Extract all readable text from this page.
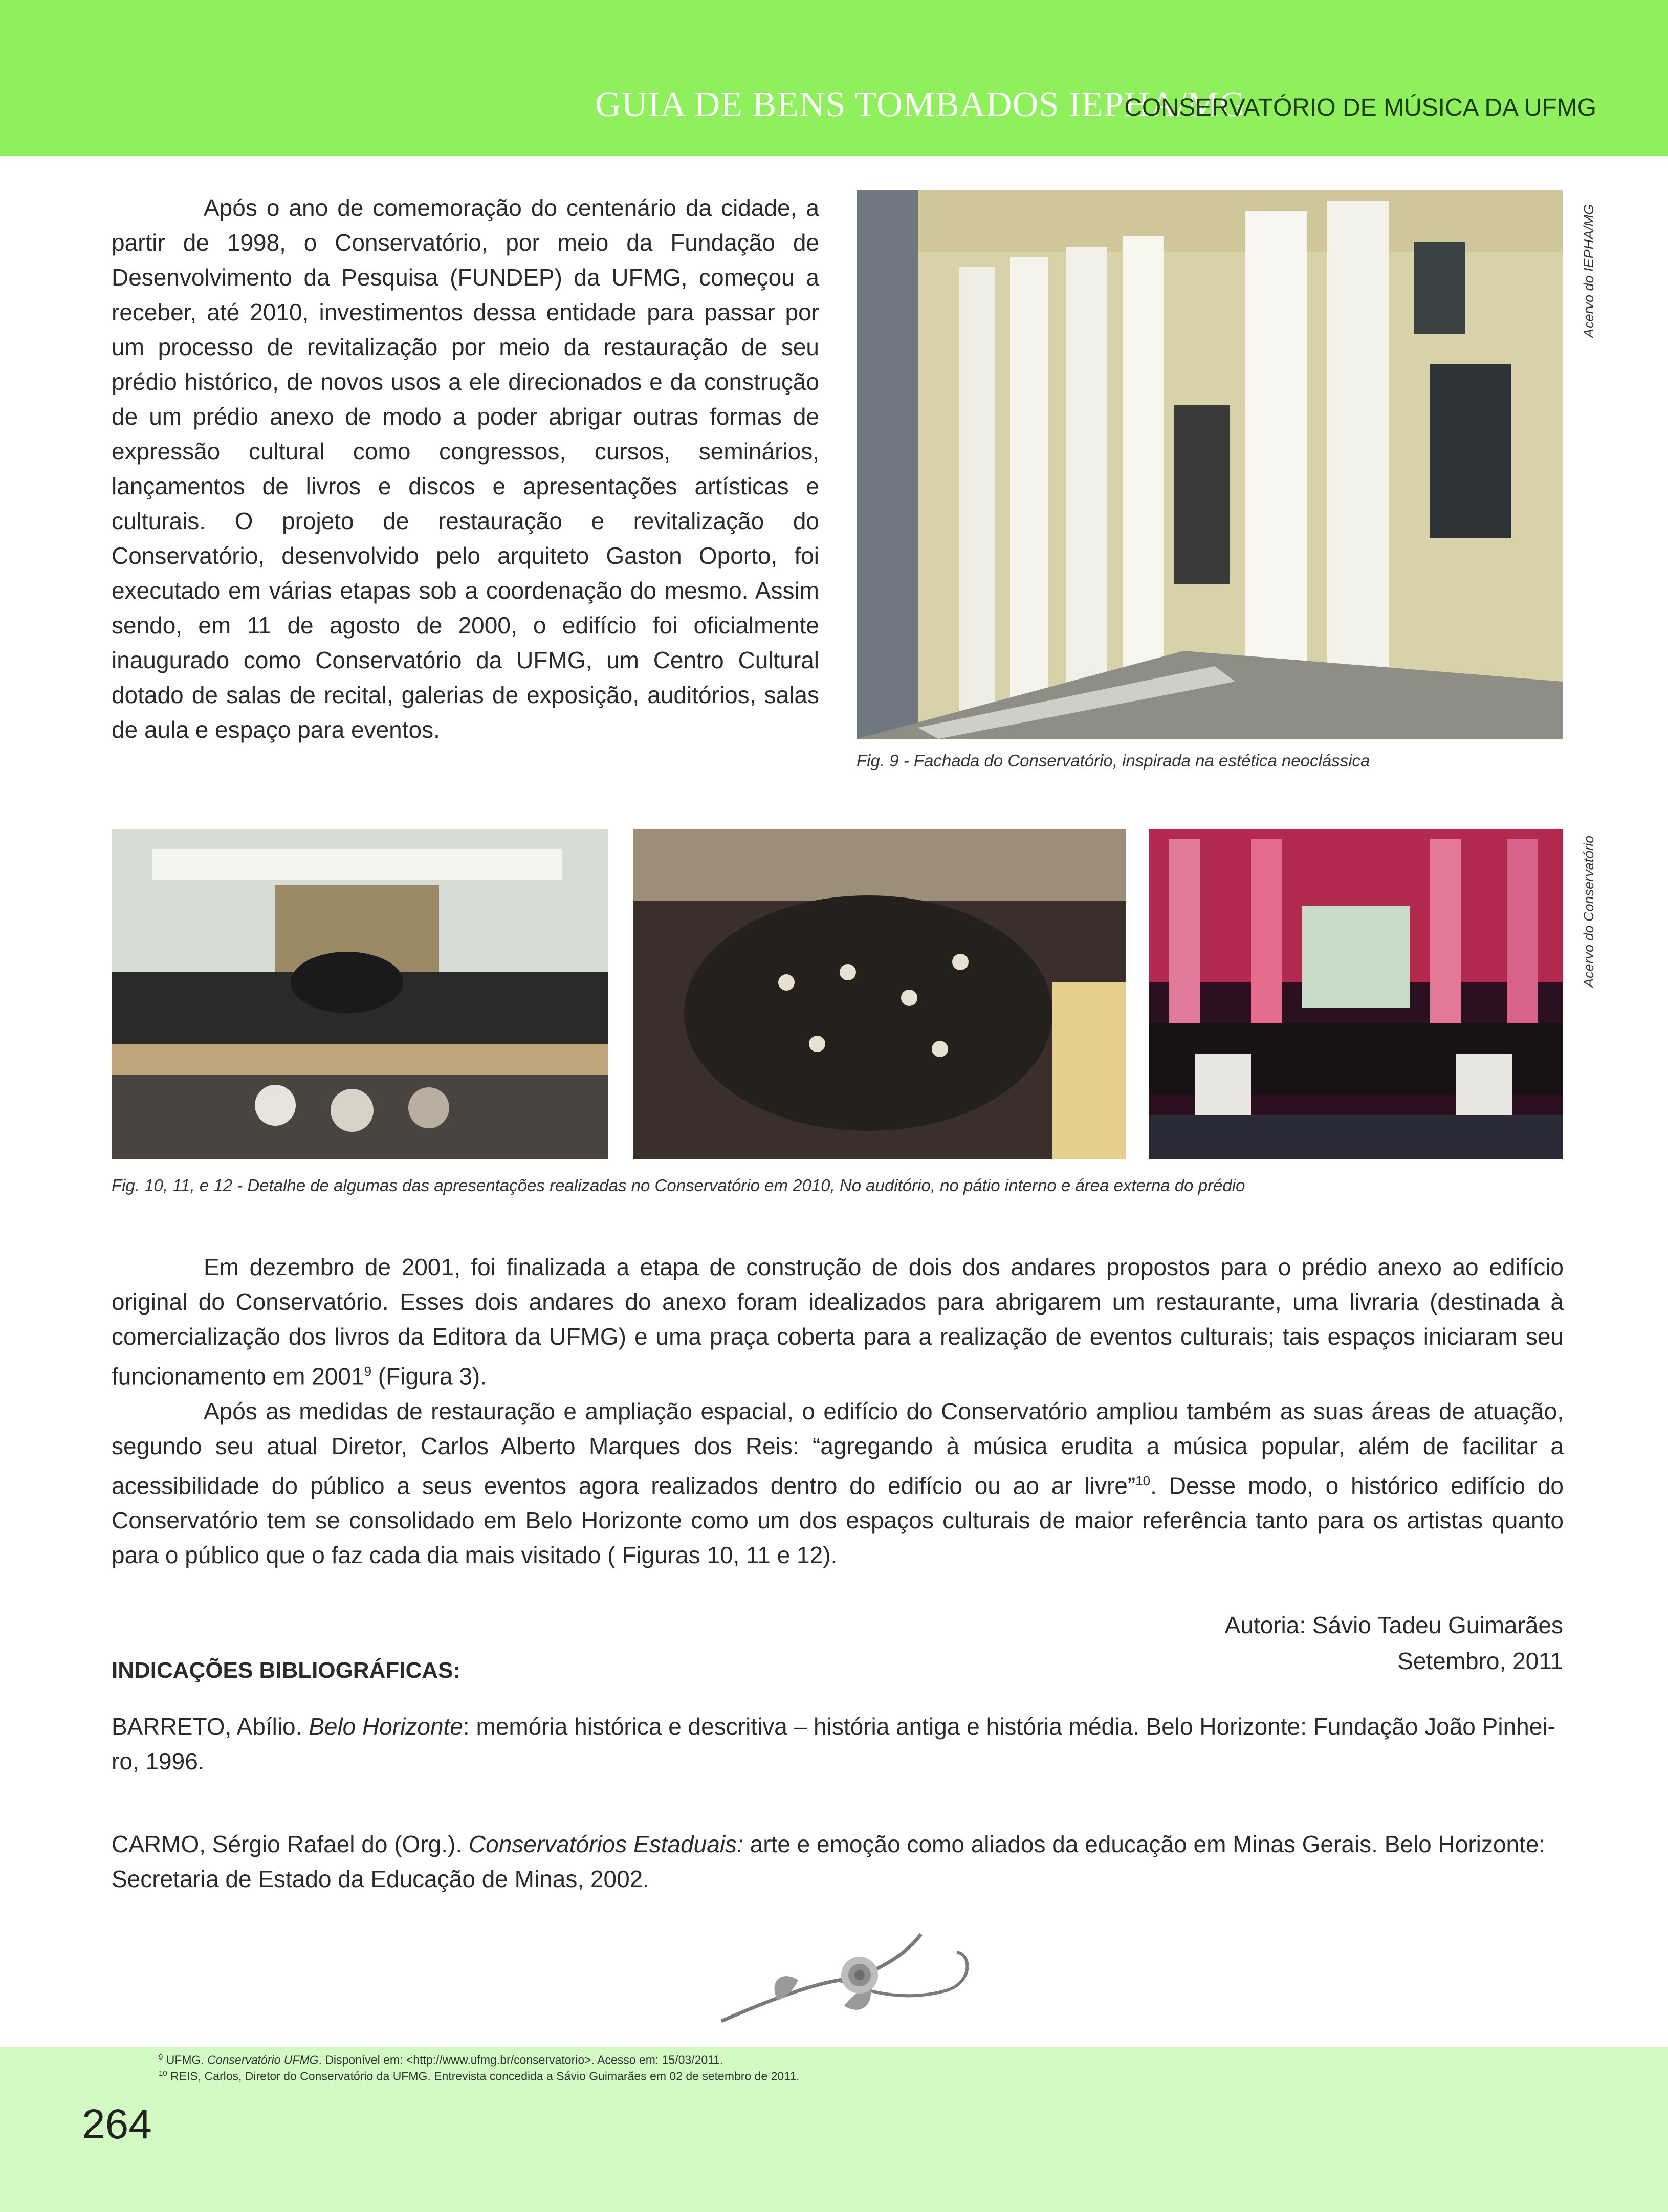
GUIA DE BENS TOMBADOS IEPHA/MG
CONSERVATÓRIO DE MÚSICA DA UFMG

Após o ano de comemoração do centenário da cidade, a partir de 1998, o Conservatório, por meio da Fundação de Desenvolvimento da Pesquisa (FUNDEP) da UFMG, começou a receber, até 2010, investimentos dessa entidade para passar por um processo de revitalização por meio da restauração de seu prédio histórico, de novos usos a ele direcionados e da construção de um prédio anexo de modo a poder abrigar outras formas de expressão cultural como congressos, cursos, seminários, lançamentos de livros e discos e apresentações artísticas e culturais. O projeto de restauração e revitalização do Conservatório, desenvolvido pelo arquiteto Gaston Oporto, foi executado em várias etapas sob a coordenação do mesmo. Assim sendo, em 11 de agosto de 2000, o edifício foi oficialmente inaugurado como Conservatório da UFMG, um Centro Cultural dotado de salas de recital, galerias de exposição, auditórios, salas de aula e espaço para eventos.

Acervo do IEPHA/MG
Fig. 9 - Fachada do Conservatório, inspirada na estética neoclássica
Acervo do Conservatório
Fig. 10, 11, e 12 - Detalhe de algumas das apresentações realizadas no Conservatório em 2010, No auditório, no pátio interno e área externa do prédio

Em dezembro de 2001, foi finalizada a etapa de construção de dois dos andares propostos para o prédio anexo ao edifício original do Conservatório. Esses dois andares do anexo foram idealizados para abrigarem um restaurante, uma livraria (destinada à comercialização dos livros da Editora da UFMG) e uma praça coberta para a realização de eventos culturais; tais espaços iniciaram seu funcionamento em 2001$^9$ (Figura 3).

Após as medidas de restauração e ampliação espacial, o edifício do Conservatório ampliou também as suas áreas de atuação, segundo seu atual Diretor, Carlos Alberto Marques dos Reis: “agregando à música erudita a música popular, além de facilitar a acessibilidade do público a seus eventos agora realizados dentro do edifício ou ao ar livre”$^{10}$. Desse modo, o histórico edifício do Conservatório tem se consolidado em Belo Horizonte como um dos espaços culturais de maior referência tanto para os artistas quanto para o público que o faz cada dia mais visitado ( Figuras 10, 11 e 12).

Autoria: Sávio Tadeu Guimarães
Setembro, 2011
INDICAÇÕES BIBLIOGRÁFICAS:

BARRETO, Abílio. Belo Horizonte: memória histórica e descritiva – história antiga e história média. Belo Horizonte: Fundação João Pinhei-ro, 1996.

CARMO, Sérgio Rafael do (Org.). Conservatórios Estaduais: arte e emoção como aliados da educação em Minas Gerais. Belo Horizonte: Secretaria de Estado da Educação de Minas, 2002.

$^9$ UFMG. Conservatório UFMG. Disponível em: <http://www.ufmg.br/conservatorio>. Acesso em: 15/03/2011.
$^{10}$ REIS, Carlos, Diretor do Conservatório da UFMG. Entrevista concedida a Sávio Guimarães em 02 de setembro de 2011.
264
